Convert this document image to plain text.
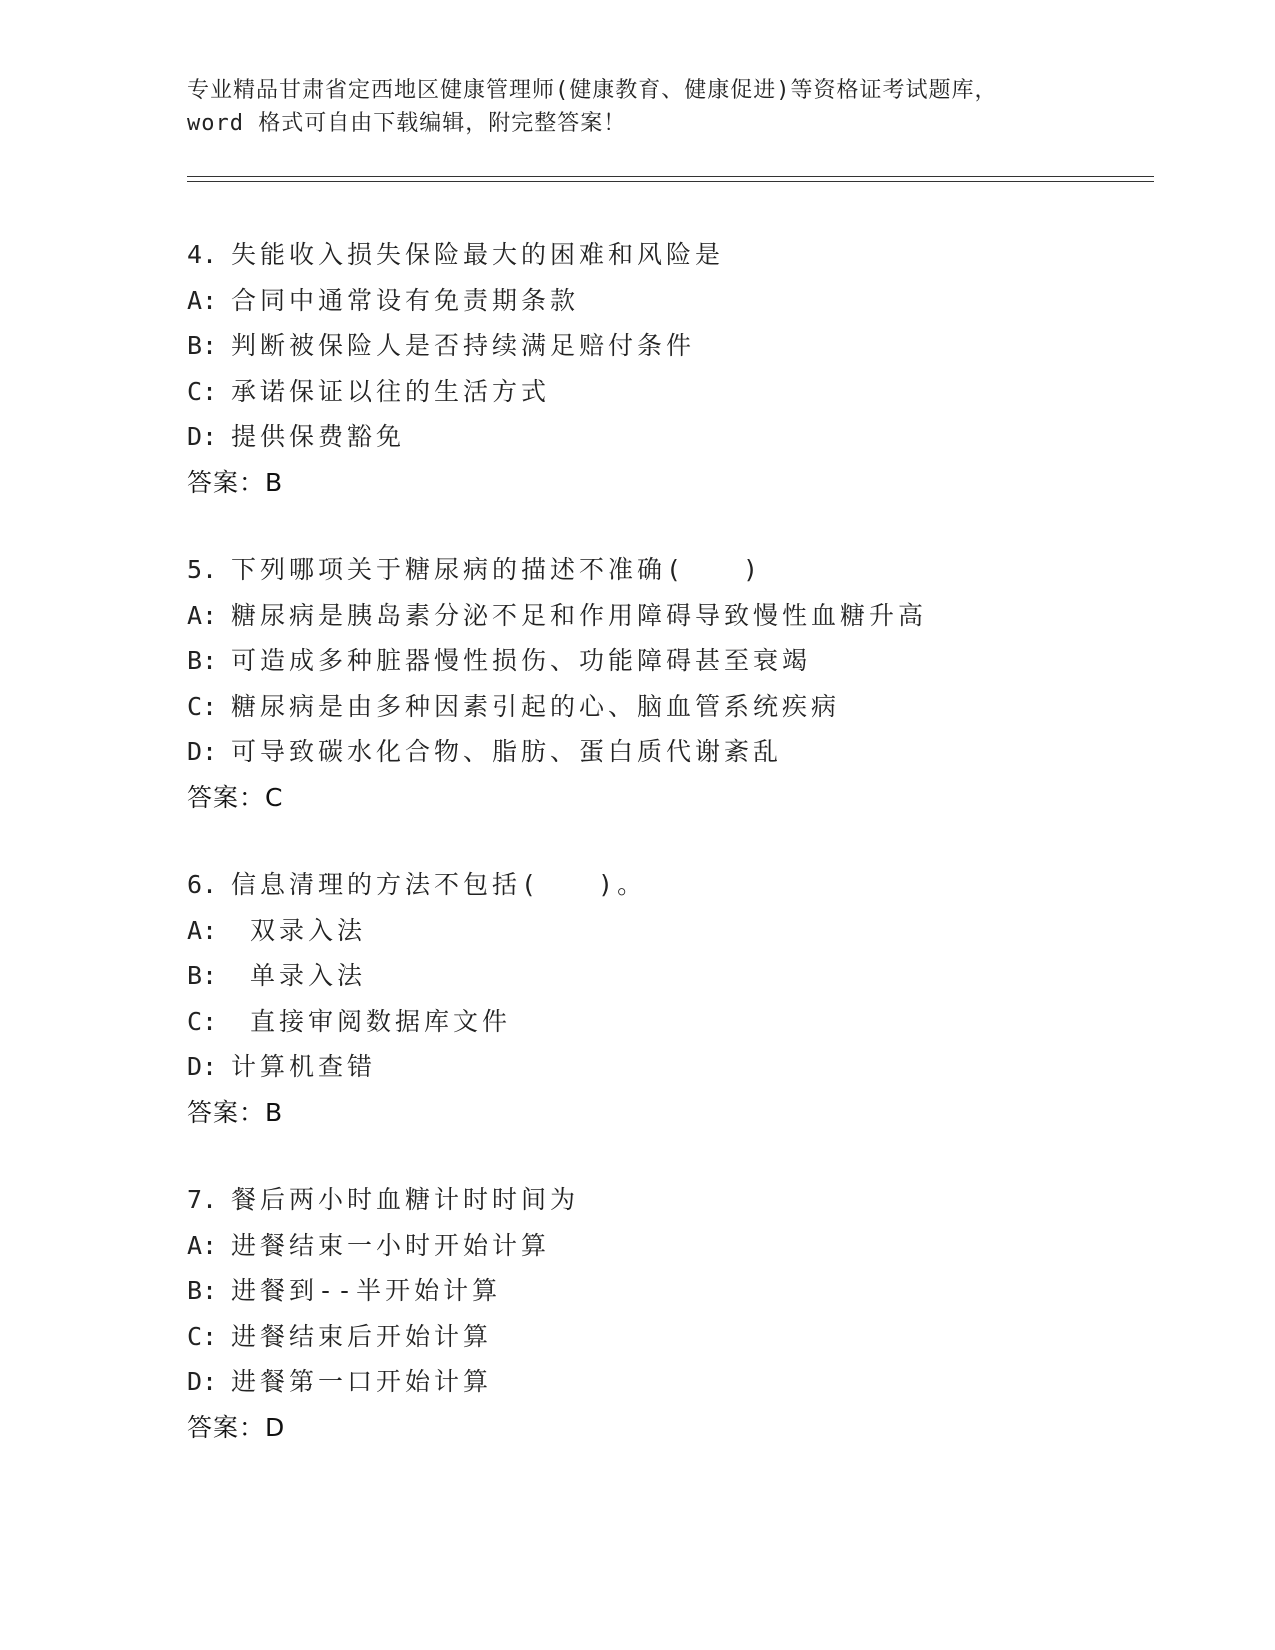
专业精品甘肃省定西地区健康管理师(健康教育、健康促进)等资格证考试题库，
word 格式可自由下载编辑，附完整答案！
4. 失能收入损失保险最大的困难和风险是
A: 合同中通常设有免责期条款
B: 判断被保险人是否持续满足赔付条件
C: 承诺保证以往的生活方式
D: 提供保费豁免
答案：B
5. 下列哪项关于糖尿病的描述不准确(　　)
A: 糖尿病是胰岛素分泌不足和作用障碍导致慢性血糖升高
B: 可造成多种脏器慢性损伤、功能障碍甚至衰竭
C: 糖尿病是由多种因素引起的心、脑血管系统疾病
D: 可导致碳水化合物、脂肪、蛋白质代谢紊乱
答案：C
6. 信息清理的方法不包括(　　)。
A: 双录入法
B: 单录入法
C: 直接审阅数据库文件
D: 计算机查错
答案：B
7. 餐后两小时血糖计时时间为
A: 进餐结束一小时开始计算
B: 进餐到--半开始计算
C: 进餐结束后开始计算
D: 进餐第一口开始计算
答案：D
